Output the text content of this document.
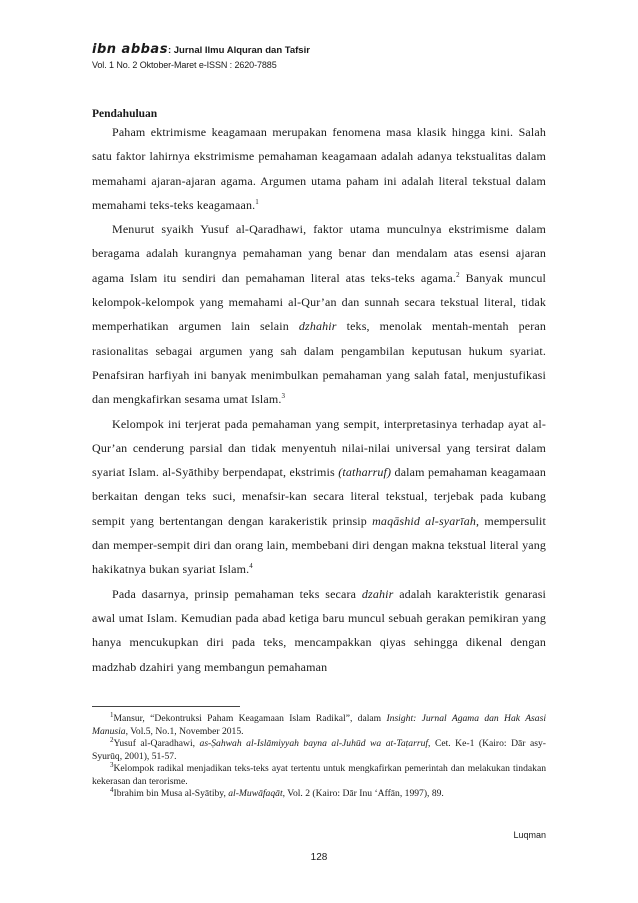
ibn abbas: Jurnal Ilmu Alquran dan Tafsir
Vol. 1 No. 2 Oktober-Maret e-ISSN : 2620-7885
Pendahuluan

Paham ektrimisme keagamaan merupakan fenomena masa klasik hingga kini. Salah satu faktor lahirnya ekstrimisme pemahaman keagamaan adalah adanya tekstualitas dalam memahami ajaran-ajaran agama. Argumen utama paham ini adalah literal tekstual dalam memahami teks-teks keagamaan.$^1$

Menurut syaikh Yusuf al-Qaradhawi, faktor utama munculnya ekstrimisme dalam beragama adalah kurangnya pemahaman yang benar dan mendalam atas esensi ajaran agama Islam itu sendiri dan pemahaman literal atas teks-teks agama.$^2$ Banyak muncul kelompok-kelompok yang memahami al-Qur’an dan sunnah secara tekstual literal, tidak memperhatikan argumen lain selain dzhahir teks, menolak mentah-mentah peran rasionalitas sebagai argumen yang sah dalam pengambilan keputusan hukum syariat. Penafsiran harfiyah ini banyak menimbulkan pemahaman yang salah fatal, menjustufikasi dan mengkafirkan sesama umat Islam.$^3$

Kelompok ini terjerat pada pemahaman yang sempit, interpretasinya terhadap ayat al-Qur’an cenderung parsial dan tidak menyentuh nilai-nilai universal yang tersirat dalam syariat Islam. al-Syāthiby berpendapat, ekstrimis (tatharruf) dalam pemahaman keagamaan berkaitan dengan teks suci, menafsir-kan secara literal tekstual, terjebak pada kubang sempit yang bertentangan dengan karakeristik prinsip maqāshid al-syarīah, mempersulit dan memper-sempit diri dan orang lain, membebani diri dengan makna tekstual literal yang hakikatnya bukan syariat Islam.$^4$

Pada dasarnya, prinsip pemahaman teks secara dzahir adalah karakteristik genarasi awal umat Islam. Kemudian pada abad ketiga baru muncul sebuah gerakan pemikiran yang hanya mencukupkan diri pada teks, mencampakkan qiyas sehingga dikenal dengan madzhab dzahiri yang membangun pemahaman

$^1$Mansur, “Dekontruksi Paham Keagamaan Islam Radikal”, dalam Insight: Jurnal Agama dan Hak Asasi Manusia, Vol.5, No.1, November 2015.

$^2$Yusuf al-Qaradhawi, as-Ṣahwah al-Islāmiyyah bayna al-Juhūd wa at-Taṭarruf, Cet. Ke-1 (Kairo: Dār asy-Syurūq, 2001), 51-57.

$^3$Kelompok radikal menjadikan teks-teks ayat tertentu untuk mengkafirkan pemerintah dan melakukan tindakan kekerasan dan terorisme.

$^4$Ibrahim bin Musa al-Syātiby, al-Muwāfaqāt, Vol. 2 (Kairo: Dār Inu ‘Affān, 1997), 89.

Luqman
128
